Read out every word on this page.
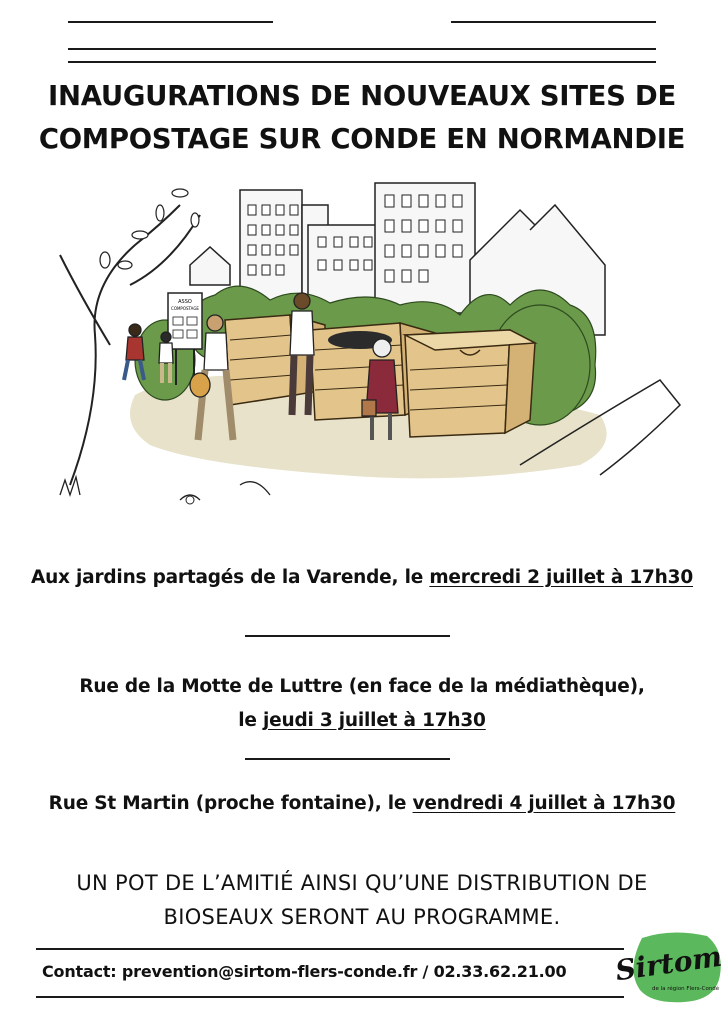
INAUGURATIONS DE NOUVEAUX SITES DE
COMPOSTAGE SUR CONDE EN NORMANDIE
ASSO
COMPOSTAGE
Aux jardins partagés de la Varende, le mercredi 2 juillet à 17h30
Rue de la Motte de Luttre (en face de la médiathèque),
le jeudi 3 juillet à 17h30
Rue St Martin (proche fontaine), le vendredi 4 juillet à 17h30
UN POT DE L’AMITIÉ AINSI QU’UNE DISTRIBUTION DE
BIOSEAUX SERONT AU PROGRAMME.
Contact: prevention@sirtom-flers-conde.fr / 02.33.62.21.00 Sirtom
de la région Flers-Condé
